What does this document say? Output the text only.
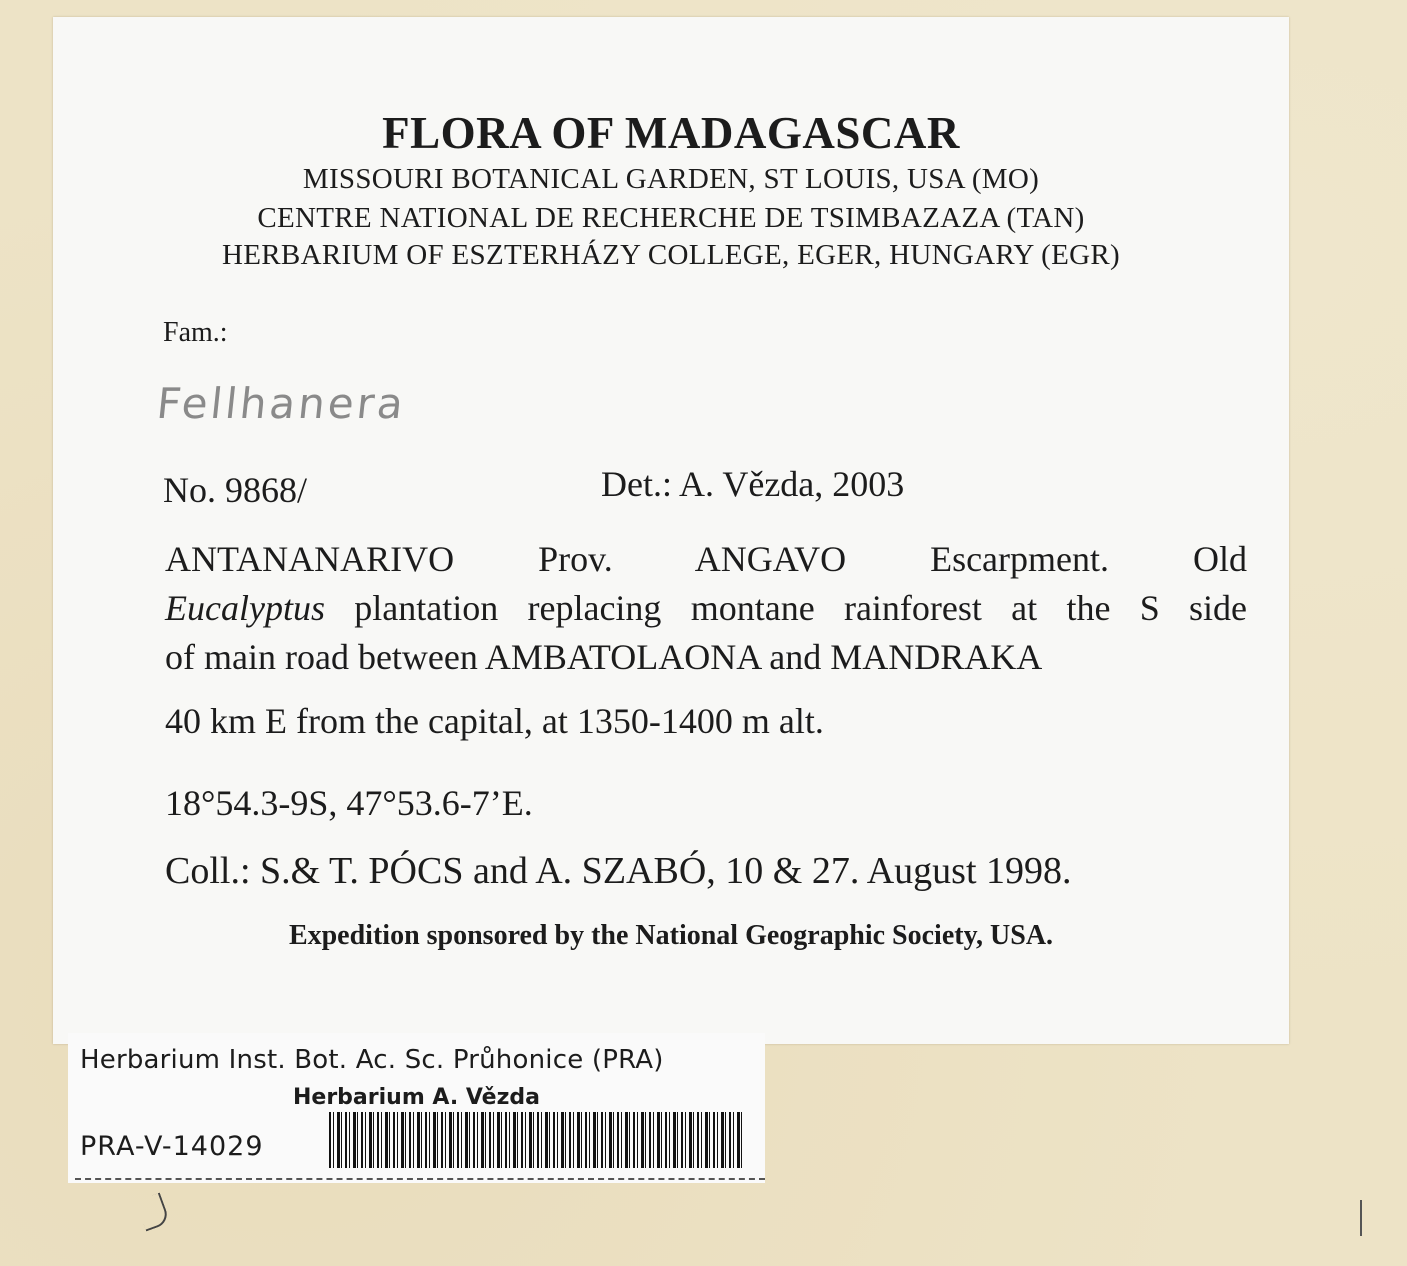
FLORA OF MADAGASCAR
MISSOURI BOTANICAL GARDEN, ST LOUIS, USA (MO)
CENTRE NATIONAL DE RECHERCHE DE TSIMBAZAZA (TAN)
HERBARIUM OF ESZTERHÁZY COLLEGE, EGER, HUNGARY (EGR)
Fam.:
Fellhanera
No. 9868/	Det.: A. Vězda, 2003
ANTANANARIVO Prov. ANGAVO Escarpment. Old
Eucalyptus plantation replacing montane rainforest at the S side
of main road between AMBATOLAONA and MANDRAKA
40 km E from the capital, at 1350-1400 m alt.
18°54.3-9S, 47°53.6-7’E.
Coll.: S.& T. PÓCS and A. SZABÓ, 10 & 27. August 1998.
Expedition sponsored by the National Geographic Society, USA.
Herbarium Inst. Bot. Ac. Sc. Průhonice (PRA)
Herbarium A. Vězda
PRA-V-14029
